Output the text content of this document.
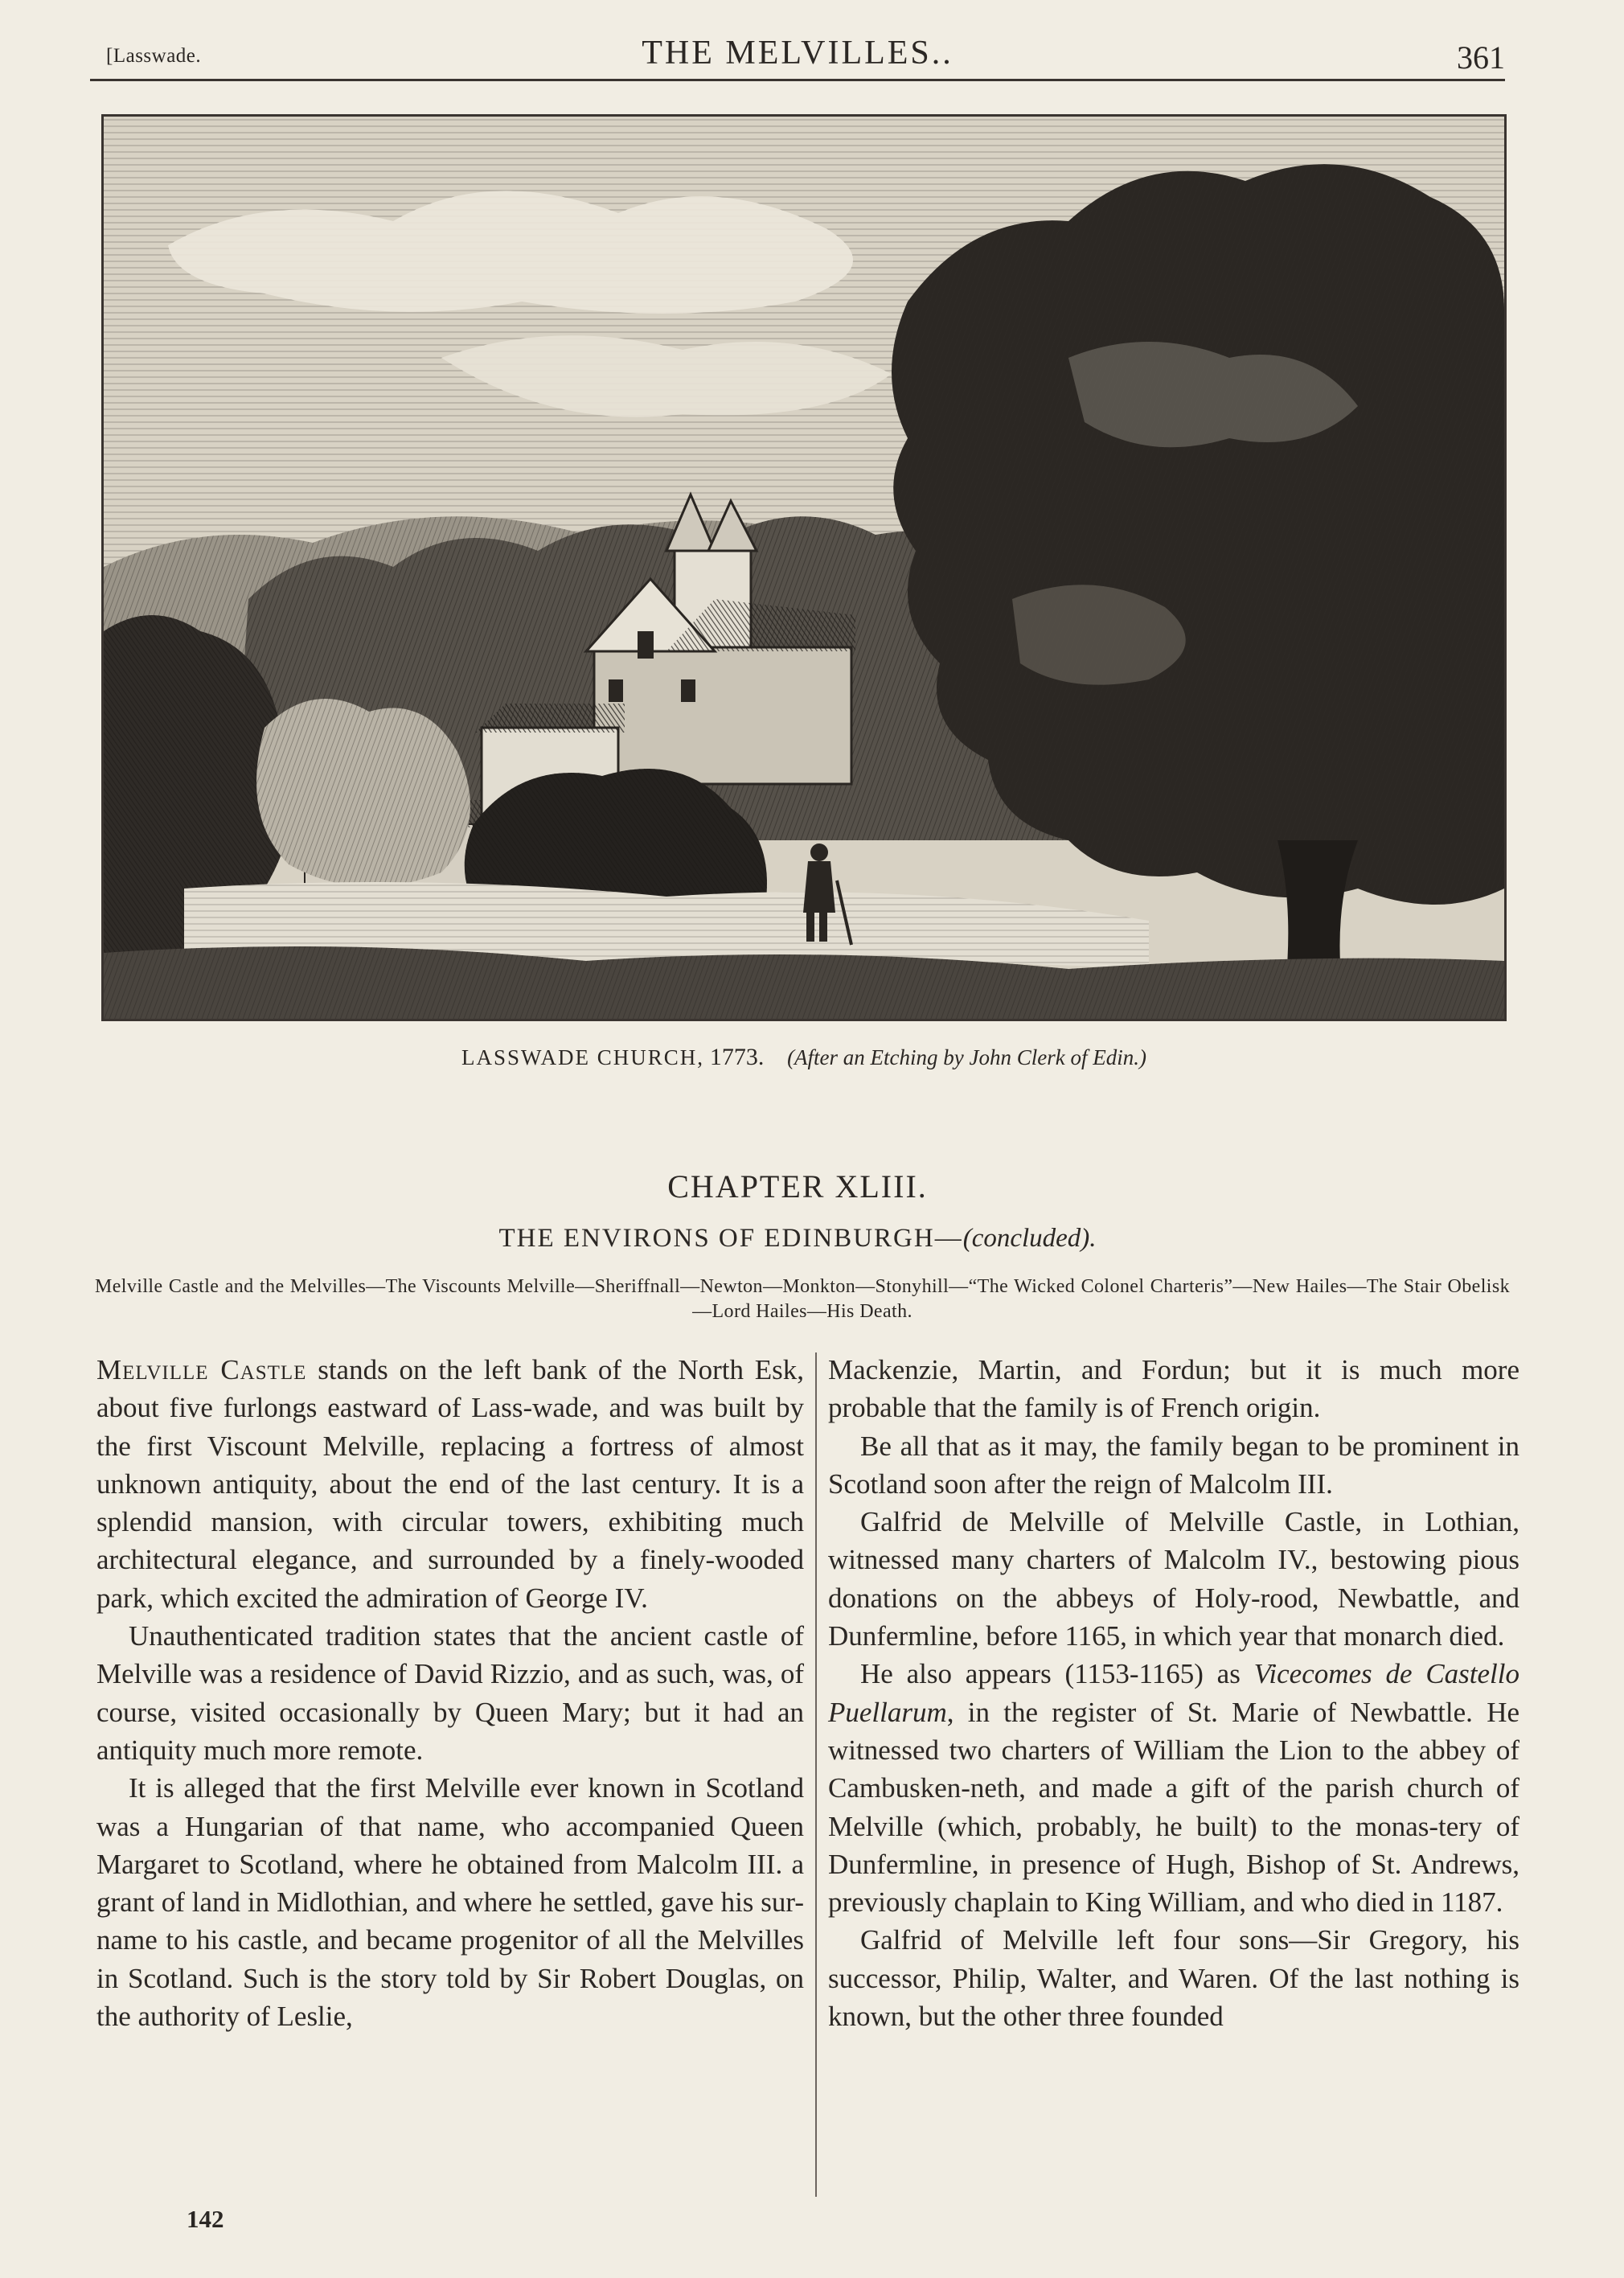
[Lasswade.	THE MELVILLES..	361
LASSWADE CHURCH, 1773. (After an Etching by John Clerk of Edin.)
CHAPTER XLIII.
THE ENVIRONS OF EDINBURGH—(concluded).
Melville Castle and the Melvilles—The Viscounts Melville—Sheriffnall—Newton—Monkton—Stonyhill—“The Wicked Colonel Charteris”—New Hailes—The Stair Obelisk—Lord Hailes—His Death.

Melville Castle stands on the left bank of the North Esk, about five furlongs eastward of Lass-wade, and was built by the first Viscount Melville, replacing a fortress of almost unknown antiquity, about the end of the last century. It is a splendid mansion, with circular towers, exhibiting much architectural elegance, and surrounded by a finely-wooded park, which excited the admiration of George IV.

Unauthenticated tradition states that the ancient castle of Melville was a residence of David Rizzio, and as such, was, of course, visited occasionally by Queen Mary; but it had an antiquity much more remote.

It is alleged that the first Melville ever known in Scotland was a Hungarian of that name, who accompanied Queen Margaret to Scotland, where he obtained from Malcolm III. a grant of land in Midlothian, and where he settled, gave his sur-name to his castle, and became progenitor of all the Melvilles in Scotland. Such is the story told by Sir Robert Douglas, on the authority of Leslie,

Mackenzie, Martin, and Fordun; but it is much more probable that the family is of French origin.

Be all that as it may, the family began to be prominent in Scotland soon after the reign of Malcolm III.

Galfrid de Melville of Melville Castle, in Lothian, witnessed many charters of Malcolm IV., bestowing pious donations on the abbeys of Holy-rood, Newbattle, and Dunfermline, before 1165, in which year that monarch died.

He also appears (1153-1165) as Vicecomes de Castello Puellarum, in the register of St. Marie of Newbattle. He witnessed two charters of William the Lion to the abbey of Cambusken-neth, and made a gift of the parish church of Melville (which, probably, he built) to the monas-tery of Dunfermline, in presence of Hugh, Bishop of St. Andrews, previously chaplain to King William, and who died in 1187.

Galfrid of Melville left four sons—Sir Gregory, his successor, Philip, Walter, and Waren. Of the last nothing is known, but the other three founded

142
